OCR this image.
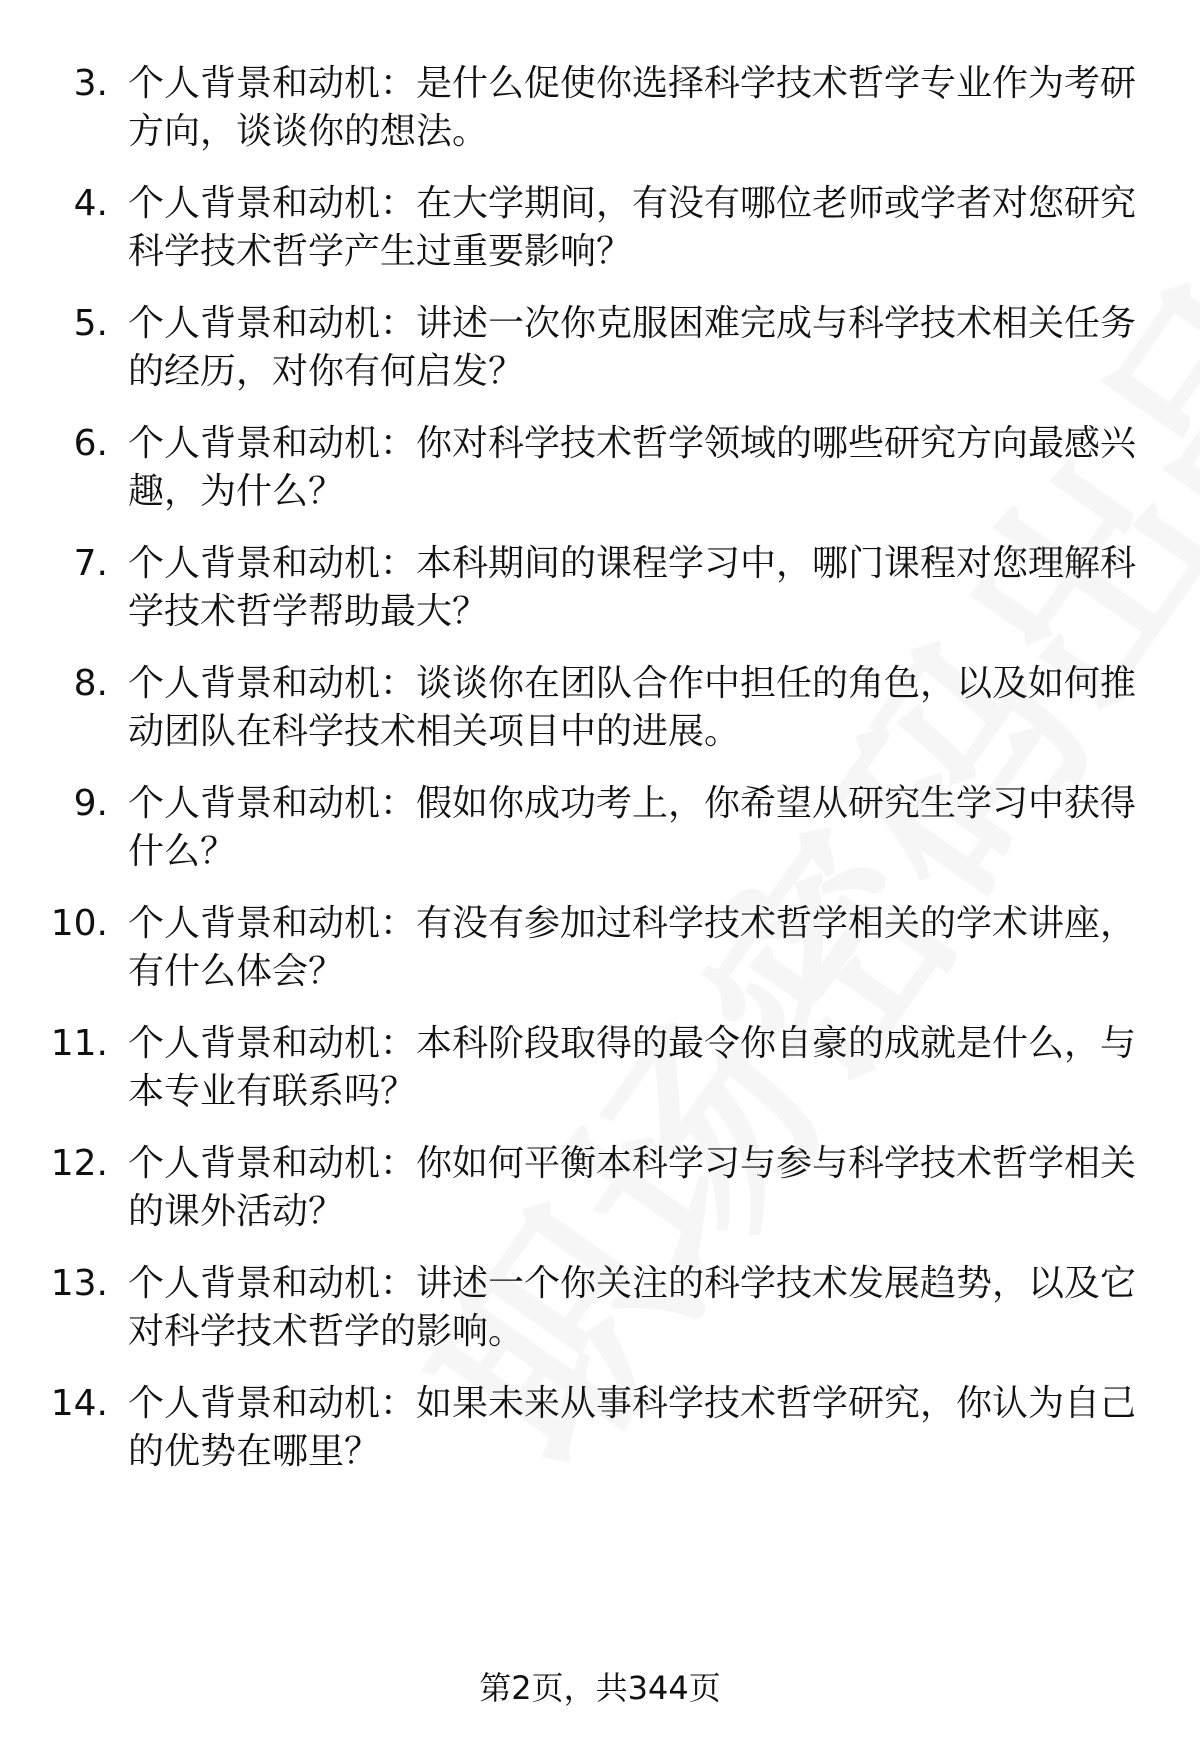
3. 个人背景和动机：是什么促使你选择科学技术哲学专业作为考研
方向，谈谈你的想法。
4. 个人背景和动机：在大学期间，有没有哪位老师或学者对您研究
科学技术哲学产生过重要影响？
5. 个人背景和动机：讲述一次你克服困难完成与科学技术相关任务
的经历，对你有何启发？
6. 个人背景和动机：你对科学技术哲学领域的哪些研究方向最感兴
趣，为什么？
7. 个人背景和动机：本科期间的课程学习中，哪门课程对您理解科
学技术哲学帮助最大？
8. 个人背景和动机：谈谈你在团队合作中担任的角色，以及如何推
动团队在科学技术相关项目中的进展。
9. 个人背景和动机：假如你成功考上，你希望从研究生学习中获得
什么？
10. 个人背景和动机：有没有参加过科学技术哲学相关的学术讲座，
有什么体会？
11. 个人背景和动机：本科阶段取得的最令你自豪的成就是什么，与
本专业有联系吗？
12. 个人背景和动机：你如何平衡本科学习与参与科学技术哲学相关
的课外活动？
13. 个人背景和动机：讲述一个你关注的科学技术发展趋势，以及它
对科学技术哲学的影响。
14. 个人背景和动机：如果未来从事科学技术哲学研究，你认为自己
的优势在哪里？
第2页，共344页
